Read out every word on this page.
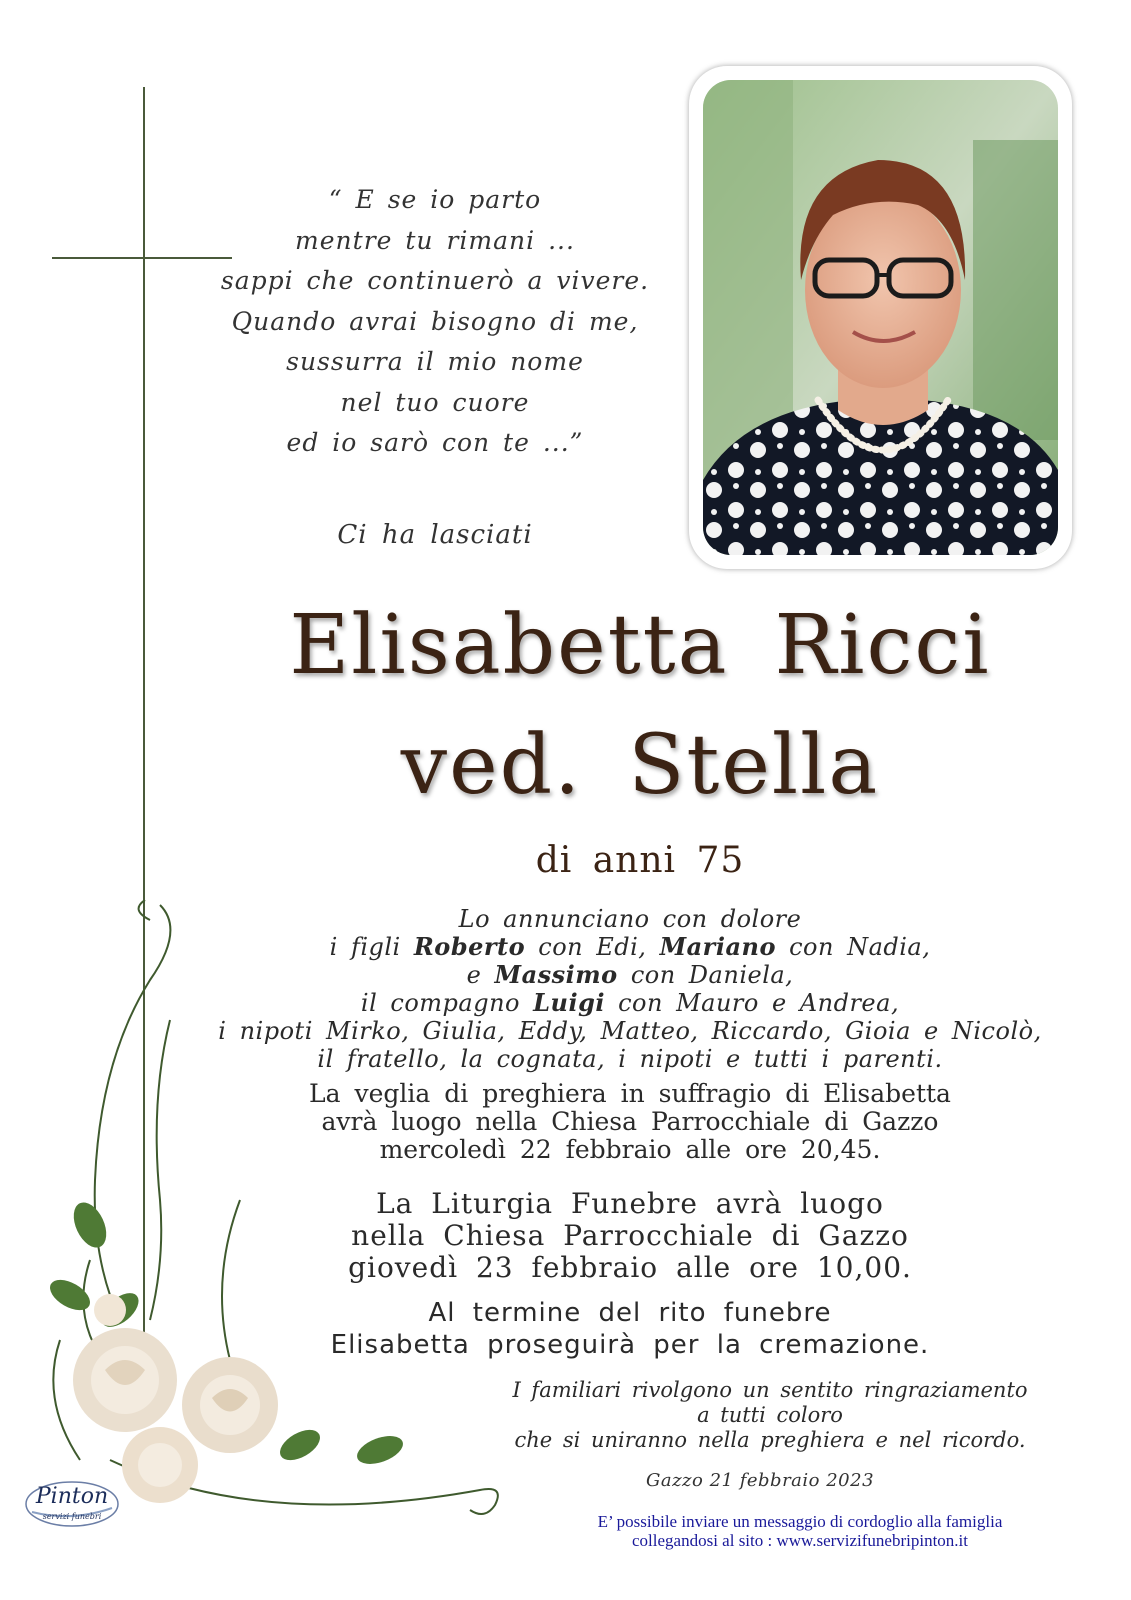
“ E se io parto
mentre tu rimani ...
sappi che continuerò a vivere.
Quando avrai bisogno di me,
sussurra il mio nome
nel tuo cuore
ed io sarò con te ...”
Ci ha lasciati
Elisabetta Ricci
ved. Stella
di anni 75
Lo annunciano con dolore
i figli Roberto con Edi, Mariano con Nadia,
e Massimo con Daniela,
il compagno Luigi con Mauro e Andrea,
i nipoti Mirko, Giulia, Eddy, Matteo, Riccardo, Gioia e Nicolò,
il fratello, la cognata, i nipoti e tutti i parenti.
La veglia di preghiera in suffragio di Elisabetta
avrà luogo nella Chiesa Parrocchiale di Gazzo
mercoledì 22 febbraio alle ore 20,45.
La Liturgia Funebre avrà luogo
nella Chiesa Parrocchiale di Gazzo
giovedì 23 febbraio alle ore 10,00.
Al termine del rito funebre
Elisabetta proseguirà per la cremazione.
I familiari rivolgono un sentito ringraziamento
a tutti coloro
che si uniranno nella preghiera e nel ricordo.
Gazzo 21 febbraio 2023
E’ possibile inviare un messaggio di cordoglio alla famiglia
collegandosi al sito : www.servizifunebripinton.it
Pinton
servizi funebri
